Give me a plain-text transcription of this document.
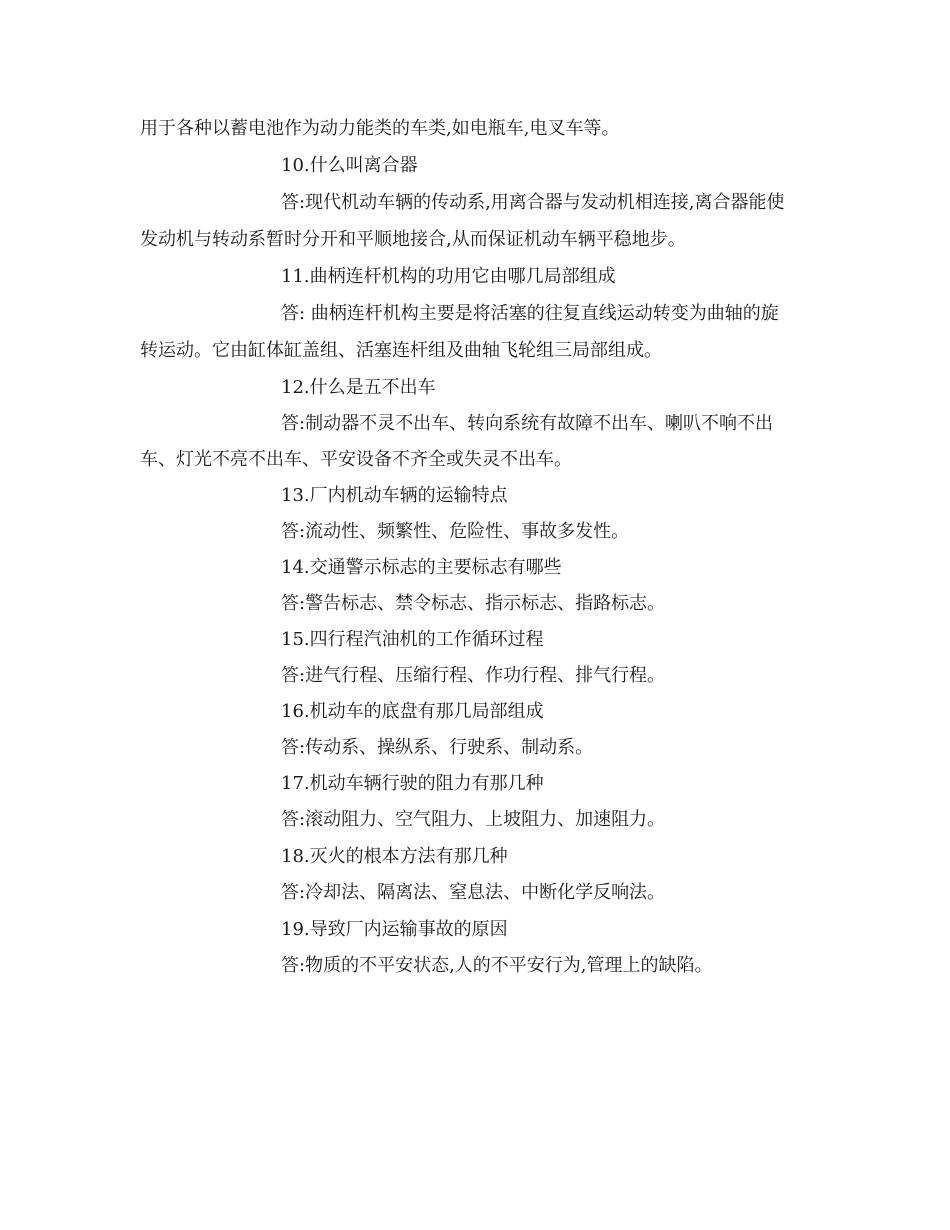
用于各种以蓄电池作为动力能类的车类,如电瓶车,电叉车等。
10.什么叫离合器
答:现代机动车辆的传动系,用离合器与发动机相连接,离合器能使
发动机与转动系暂时分开和平顺地接合,从而保证机动车辆平稳地步。
11.曲柄连杆机构的功用它由哪几局部组成
答: 曲柄连杆机构主要是将活塞的往复直线运动转变为曲轴的旋
转运动。它由缸体缸盖组、活塞连杆组及曲轴飞轮组三局部组成。
12.什么是五不出车
答:制动器不灵不出车、转向系统有故障不出车、喇叭不响不出
车、灯光不亮不出车、平安设备不齐全或失灵不出车。
13.厂内机动车辆的运输特点
答:流动性、频繁性、危险性、事故多发性。
14.交通警示标志的主要标志有哪些
答:警告标志、禁令标志、指示标志、指路标志。
15.四行程汽油机的工作循环过程
答:进气行程、压缩行程、作功行程、排气行程。
16.机动车的底盘有那几局部组成
答:传动系、操纵系、行驶系、制动系。
17.机动车辆行驶的阻力有那几种
答:滚动阻力、空气阻力、上坡阻力、加速阻力。
18.灭火的根本方法有那几种
答:冷却法、隔离法、窒息法、中断化学反响法。
19.导致厂内运输事故的原因
答:物质的不平安状态,人的不平安行为,管理上的缺陷。
